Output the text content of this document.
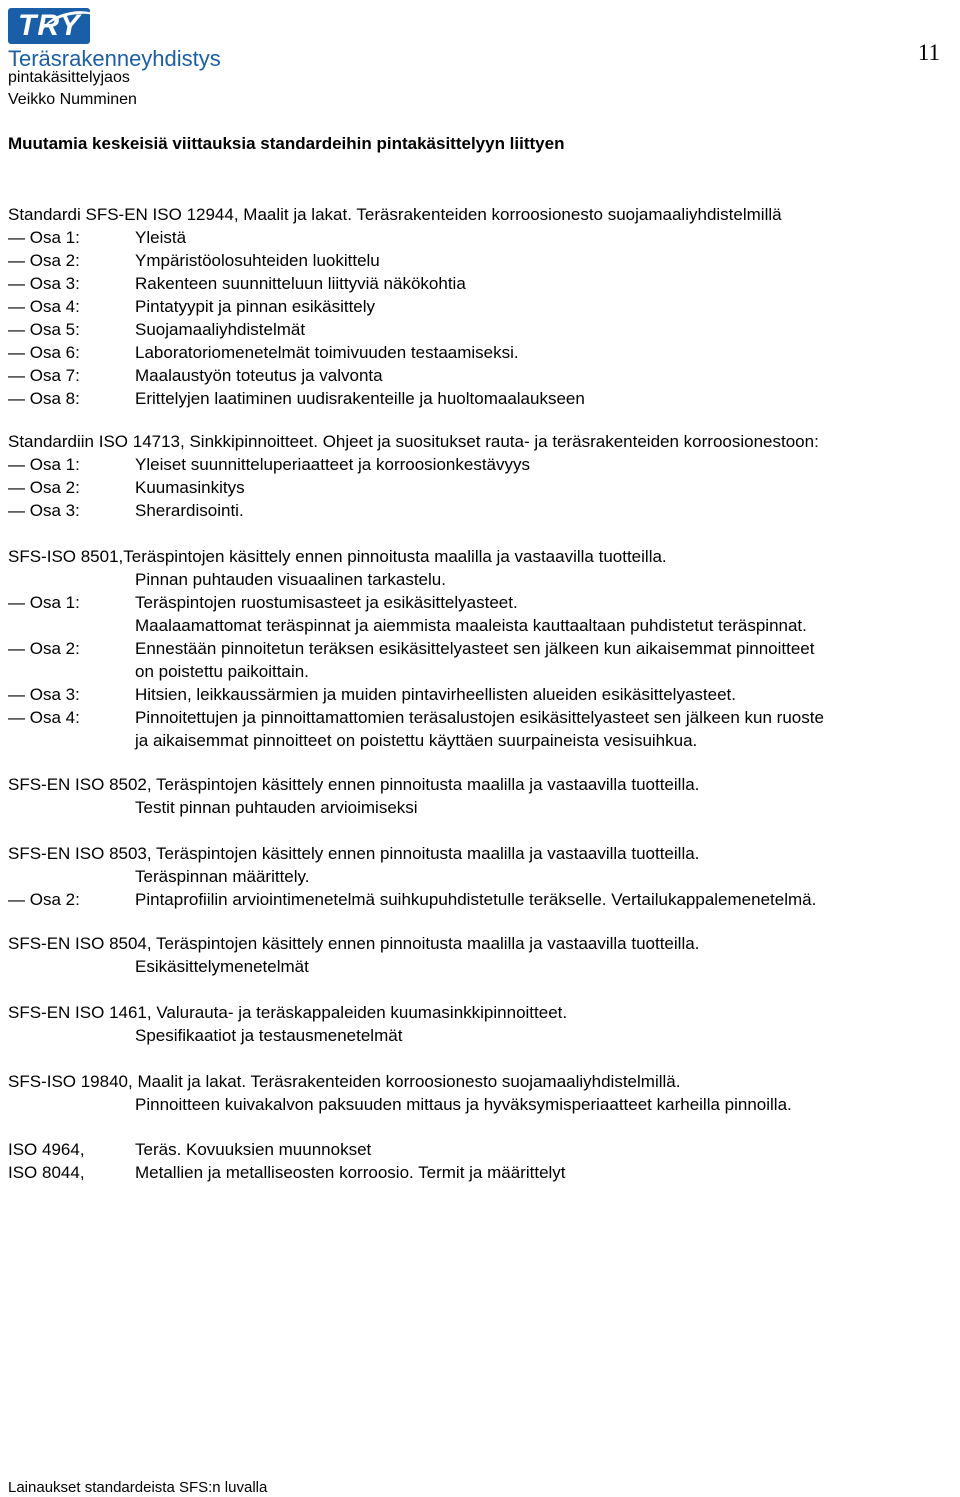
TRY
Teräsrakenneyhdistys	11
pintakäsittelyjaos
Veikko Numminen
Muutamia keskeisiä viittauksia standardeihin pintakäsittelyyn liittyen
Standardi SFS-EN ISO 12944, Maalit ja lakat. Teräsrakenteiden korroosionesto suojamaaliyhdistelmillä
— Osa 1:	Yleistä
— Osa 2:	Ympäristöolosuhteiden luokittelu
— Osa 3:	Rakenteen suunnitteluun liittyviä näkökohtia
— Osa 4:	Pintatyypit ja pinnan esikäsittely
— Osa 5:	Suojamaaliyhdistelmät
— Osa 6:	Laboratoriomenetelmät toimivuuden testaamiseksi.
— Osa 7:	Maalaustyön toteutus ja valvonta
— Osa 8:	Erittelyjen laatiminen uudisrakenteille ja huoltomaalaukseen
Standardiin ISO 14713, Sinkkipinnoitteet. Ohjeet ja suositukset rauta- ja teräsrakenteiden korroosionestoon:
— Osa 1:	Yleiset suunnitteluperiaatteet ja korroosionkestävyys
— Osa 2:	Kuumasinkitys
— Osa 3:	Sherardisointi.
SFS-ISO 8501,Teräspintojen käsittely ennen pinnoitusta maalilla ja vastaavilla tuotteilla.
Pinnan puhtauden visuaalinen tarkastelu.
— Osa 1:	Teräspintojen ruostumisasteet ja esikäsittelyasteet.
Maalaamattomat teräspinnat ja aiemmista maaleista kauttaaltaan puhdistetut teräspinnat.
— Osa 2:	Ennestään pinnoitetun teräksen esikäsittelyasteet sen jälkeen kun aikaisemmat pinnoitteet
on poistettu paikoittain.
— Osa 3:	Hitsien, leikkaussärmien ja muiden pintavirheellisten alueiden esikäsittelyasteet.
— Osa 4:	Pinnoitettujen ja pinnoittamattomien teräsalustojen esikäsittelyasteet sen jälkeen kun ruoste
ja aikaisemmat pinnoitteet on poistettu käyttäen suurpaineista vesisuihkua.
SFS-EN ISO 8502, Teräspintojen käsittely ennen pinnoitusta maalilla ja vastaavilla tuotteilla.
Testit pinnan puhtauden arvioimiseksi
SFS-EN ISO 8503, Teräspintojen käsittely ennen pinnoitusta maalilla ja vastaavilla tuotteilla.
Teräspinnan määrittely.
— Osa 2:	Pintaprofiilin arviointimenetelmä suihkupuhdistetulle teräkselle. Vertailukappalemenetelmä.
SFS-EN ISO 8504, Teräspintojen käsittely ennen pinnoitusta maalilla ja vastaavilla tuotteilla.
Esikäsittelymenetelmät
SFS-EN ISO 1461, Valurauta- ja teräskappaleiden kuumasinkkipinnoitteet.
Spesifikaatiot ja testausmenetelmät
SFS-ISO 19840, Maalit ja lakat. Teräsrakenteiden korroosionesto suojamaaliyhdistelmillä.
Pinnoitteen kuivakalvon paksuuden mittaus ja hyväksymisperiaatteet karheilla pinnoilla.
ISO 4964,	Teräs. Kovuuksien muunnokset
ISO 8044,	Metallien ja metalliseosten korroosio. Termit ja määrittelyt
Lainaukset standardeista SFS:n luvalla
